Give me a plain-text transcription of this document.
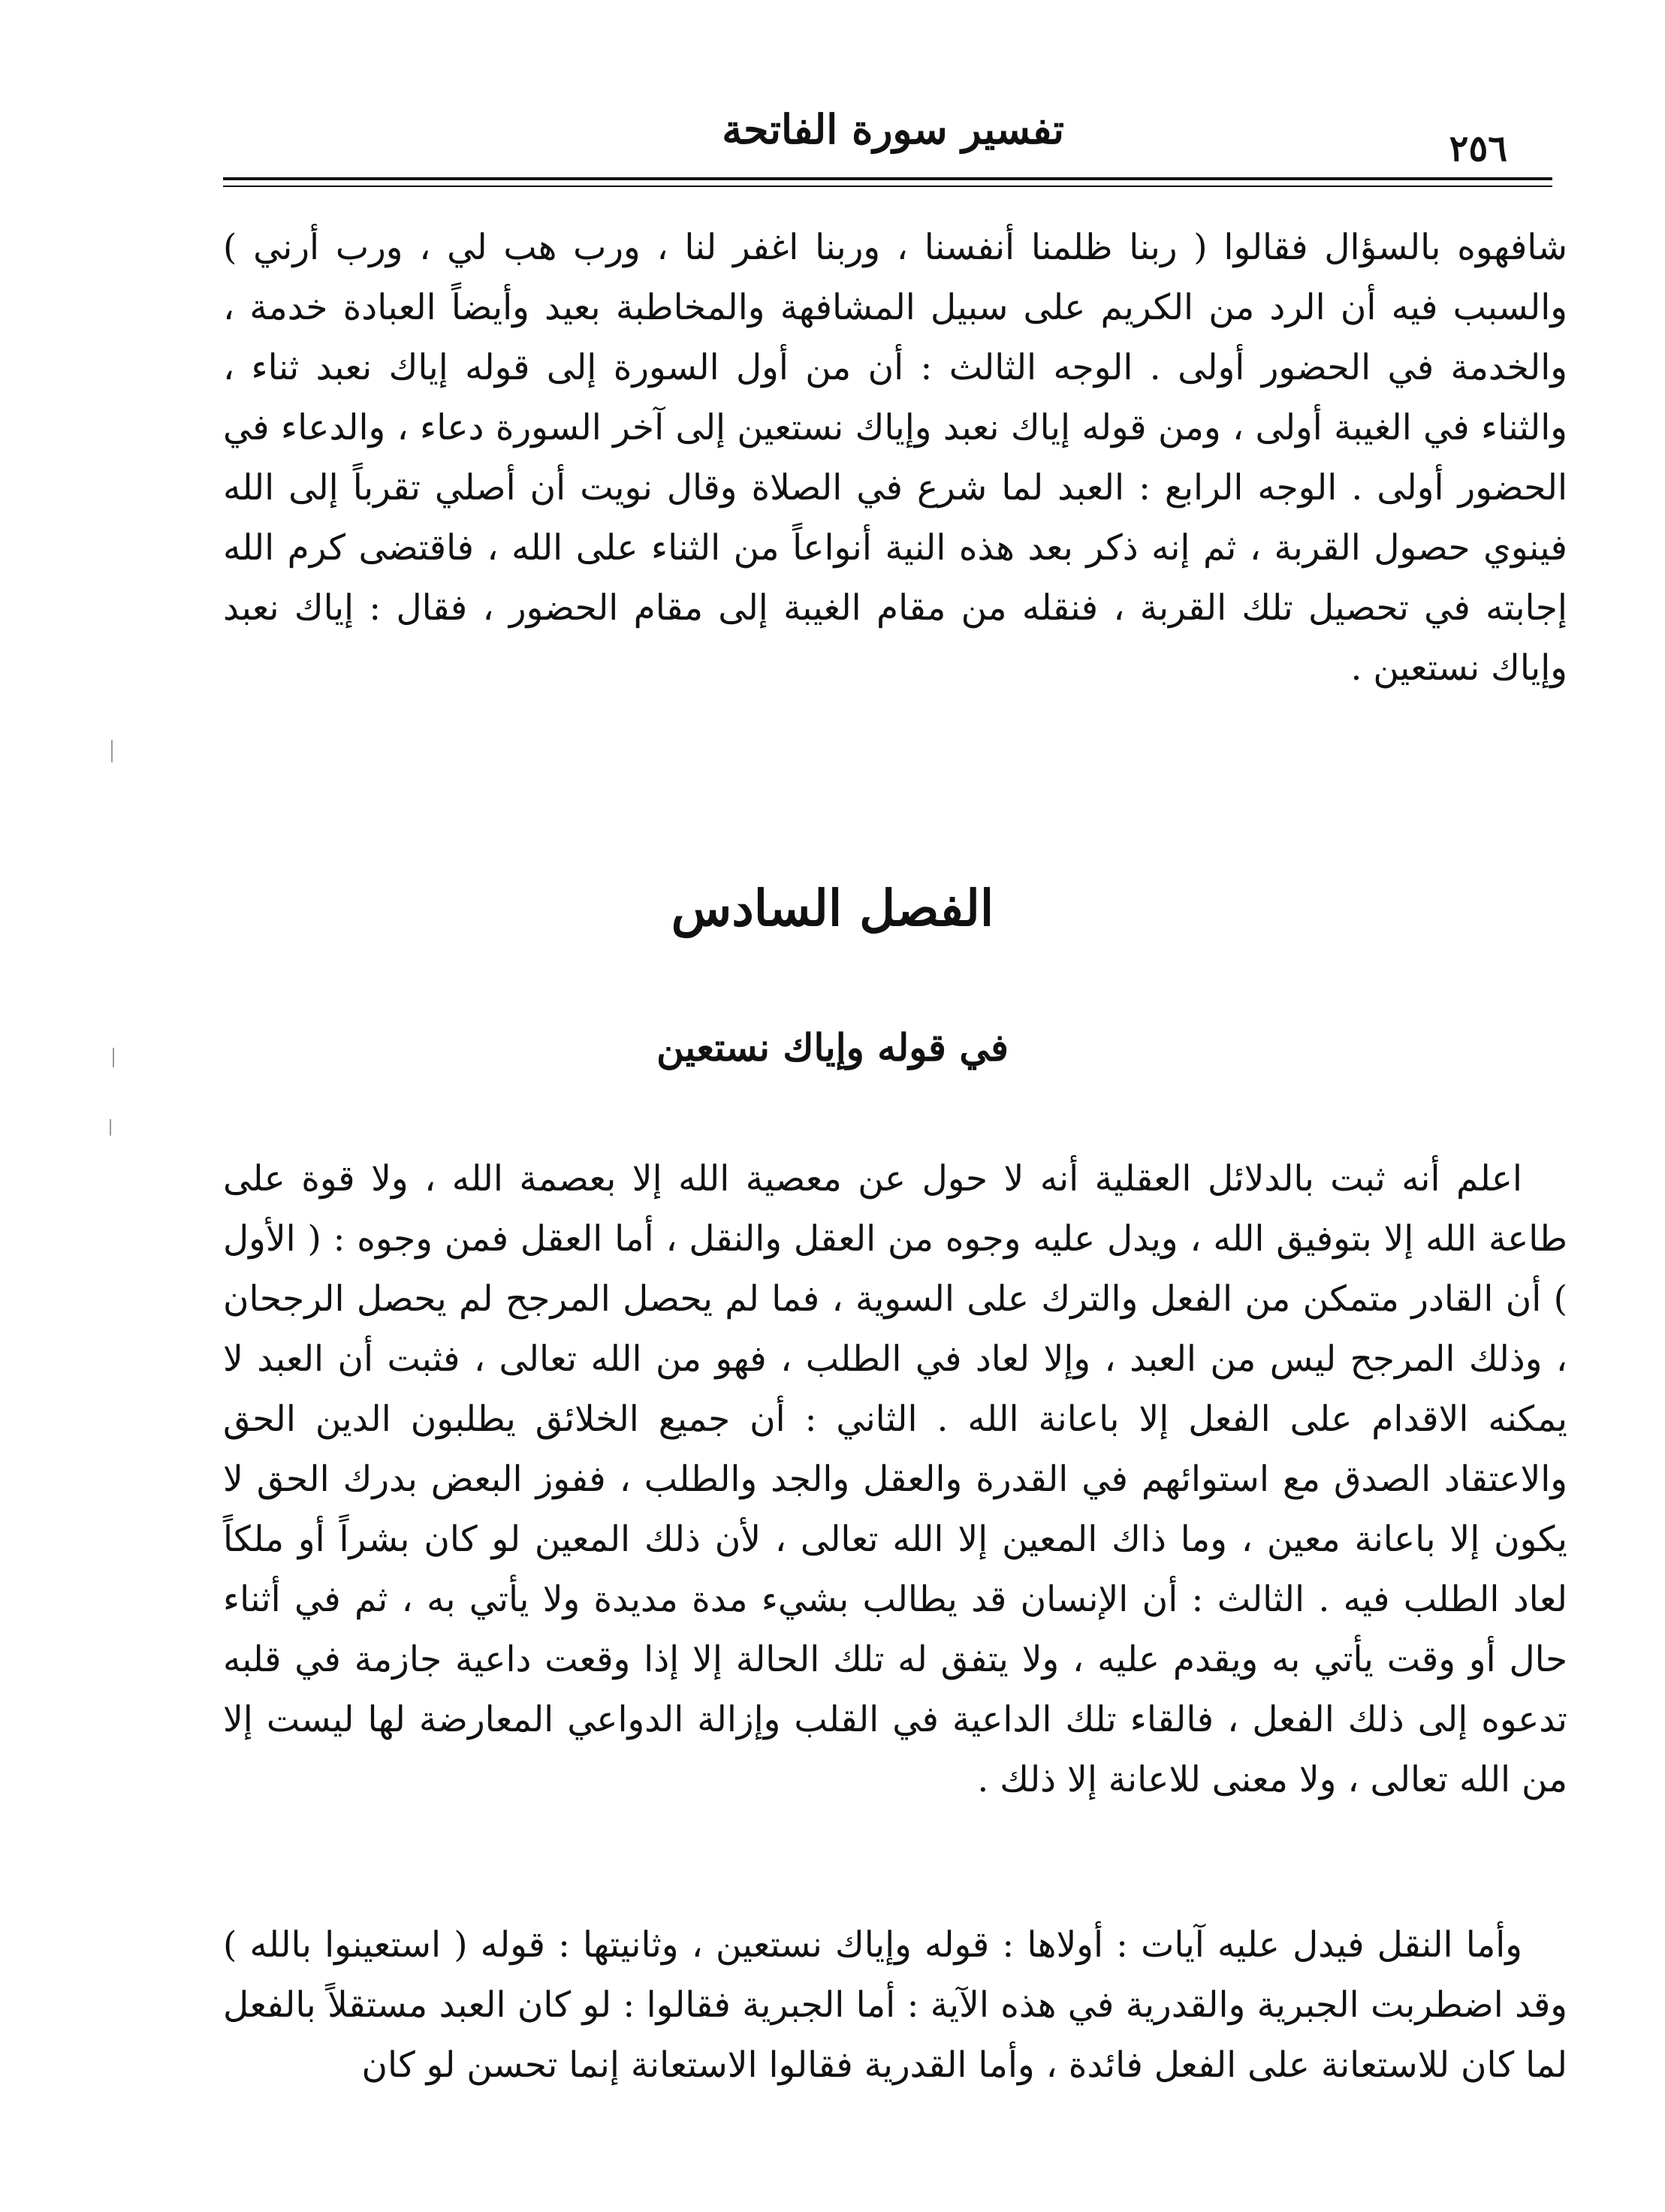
٢٥٦
تفسير سورة الفاتحة

شافهوه بالسؤال فقالوا ( ربنا ظلمنا أنفسنا ، وربنا اغفر لنا ، ورب هب لي ، ورب أرني ) والسبب فيه أن الرد من الكريم على سبيل المشافهة والمخاطبة بعيد وأيضاً العبادة خدمة ، والخدمة في الحضور أولى . الوجه الثالث : أن من أول السورة إلى قوله إياك نعبد ثناء ، والثناء في الغيبة أولى ، ومن قوله إياك نعبد وإياك نستعين إلى آخر السورة دعاء ، والدعاء في الحضور أولى . الوجه الرابع : العبد لما شرع في الصلاة وقال نويت أن أصلي تقرباً إلى الله فينوي حصول القربة ، ثم إنه ذكر بعد هذه النية أنواعاً من الثناء على الله ، فاقتضى كرم الله إجابته في تحصيل تلك القربة ، فنقله من مقام الغيبة إلى مقام الحضور ، فقال : إياك نعبد وإياك نستعين .

الفصل السادس
في قوله وإياك نستعين

اعلم أنه ثبت بالدلائل العقلية أنه لا حول عن معصية الله إلا بعصمة الله ، ولا قوة على طاعة الله إلا بتوفيق الله ، ويدل عليه وجوه من العقل والنقل ، أما العقل فمن وجوه : ( الأول ) أن القادر متمكن من الفعل والترك على السوية ، فما لم يحصل المرجح لم يحصل الرجحان ، وذلك المرجح ليس من العبد ، وإلا لعاد في الطلب ، فهو من الله تعالى ، فثبت أن العبد لا يمكنه الاقدام على الفعل إلا باعانة الله . الثاني : أن جميع الخلائق يطلبون الدين الحق والاعتقاد الصدق مع استوائهم في القدرة والعقل والجد والطلب ، ففوز البعض بدرك الحق لا يكون إلا باعانة معين ، وما ذاك المعين إلا الله تعالى ، لأن ذلك المعين لو كان بشراً أو ملكاً لعاد الطلب فيه . الثالث : أن الإنسان قد يطالب بشيء مدة مديدة ولا يأتي به ، ثم في أثناء حال أو وقت يأتي به ويقدم عليه ، ولا يتفق له تلك الحالة إلا إذا وقعت داعية جازمة في قلبه تدعوه إلى ذلك الفعل ، فالقاء تلك الداعية في القلب وإزالة الدواعي المعارضة لها ليست إلا من الله تعالى ، ولا معنى للاعانة إلا ذلك .

وأما النقل فيدل عليه آيات : أولاها : قوله وإياك نستعين ، وثانيتها : قوله ( استعينوا بالله ) وقد اضطربت الجبرية والقدرية في هذه الآية : أما الجبرية فقالوا : لو كان العبد مستقلاً بالفعل لما كان للاستعانة على الفعل فائدة ، وأما القدرية فقالوا الاستعانة إنما تحسن لو كان
